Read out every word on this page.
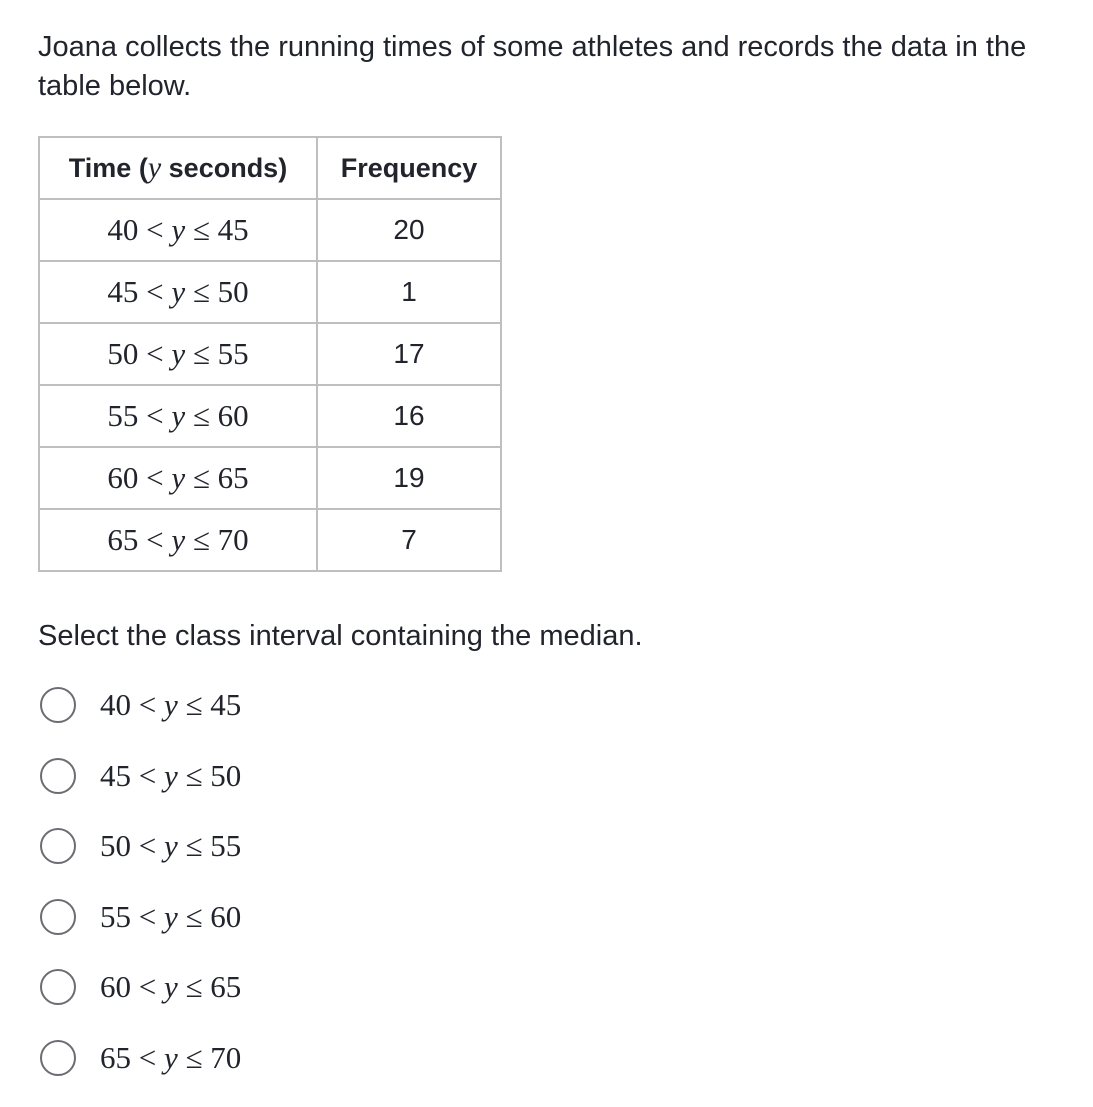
Joana collects the running times of some athletes and records the data in the table below.
Time (y seconds)	Frequency
40 < y ≤ 45	20
45 < y ≤ 50	1
50 < y ≤ 55	17
55 < y ≤ 60	16
60 < y ≤ 65	19
65 < y ≤ 70	7
Select the class interval containing the median.
40 < y ≤ 45
45 < y ≤ 50
50 < y ≤ 55
55 < y ≤ 60
60 < y ≤ 65
65 < y ≤ 70
